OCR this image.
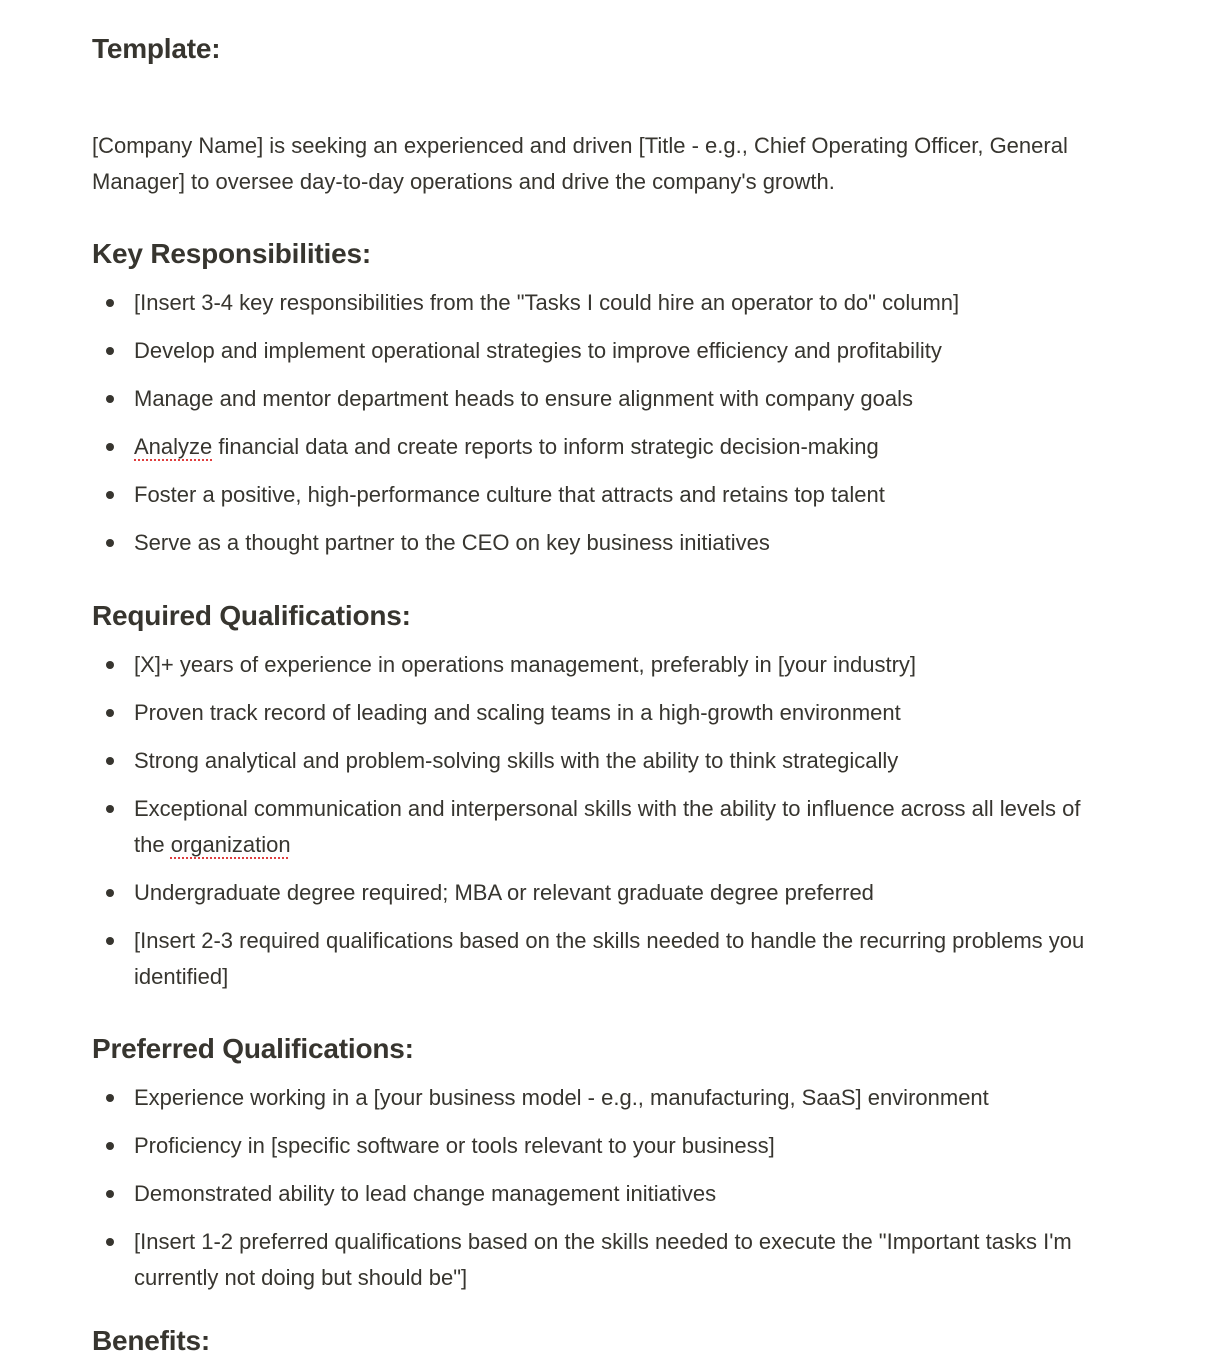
Template:

[Company Name] is seeking an experienced and driven [Title - e.g., Chief Operating Officer, General Manager] to oversee day-to-day operations and drive the company's growth.

Key Responsibilities:
[Insert 3-4 key responsibilities from the "Tasks I could hire an operator to do" column]
Develop and implement operational strategies to improve efficiency and profitability
Manage and mentor department heads to ensure alignment with company goals
Analyze financial data and create reports to inform strategic decision-making
Foster a positive, high-performance culture that attracts and retains top talent
Serve as a thought partner to the CEO on key business initiatives
Required Qualifications:
[X]+ years of experience in operations management, preferably in [your industry]
Proven track record of leading and scaling teams in a high-growth environment
Strong analytical and problem-solving skills with the ability to think strategically
Exceptional communication and interpersonal skills with the ability to influence across all levels of the organization
Undergraduate degree required; MBA or relevant graduate degree preferred
[Insert 2-3 required qualifications based on the skills needed to handle the recurring problems you identified]
Preferred Qualifications:
Experience working in a [your business model - e.g., manufacturing, SaaS] environment
Proficiency in [specific software or tools relevant to your business]
Demonstrated ability to lead change management initiatives
[Insert 1-2 preferred qualifications based on the skills needed to execute the "Important tasks I'm currently not doing but should be"]
Benefits:
